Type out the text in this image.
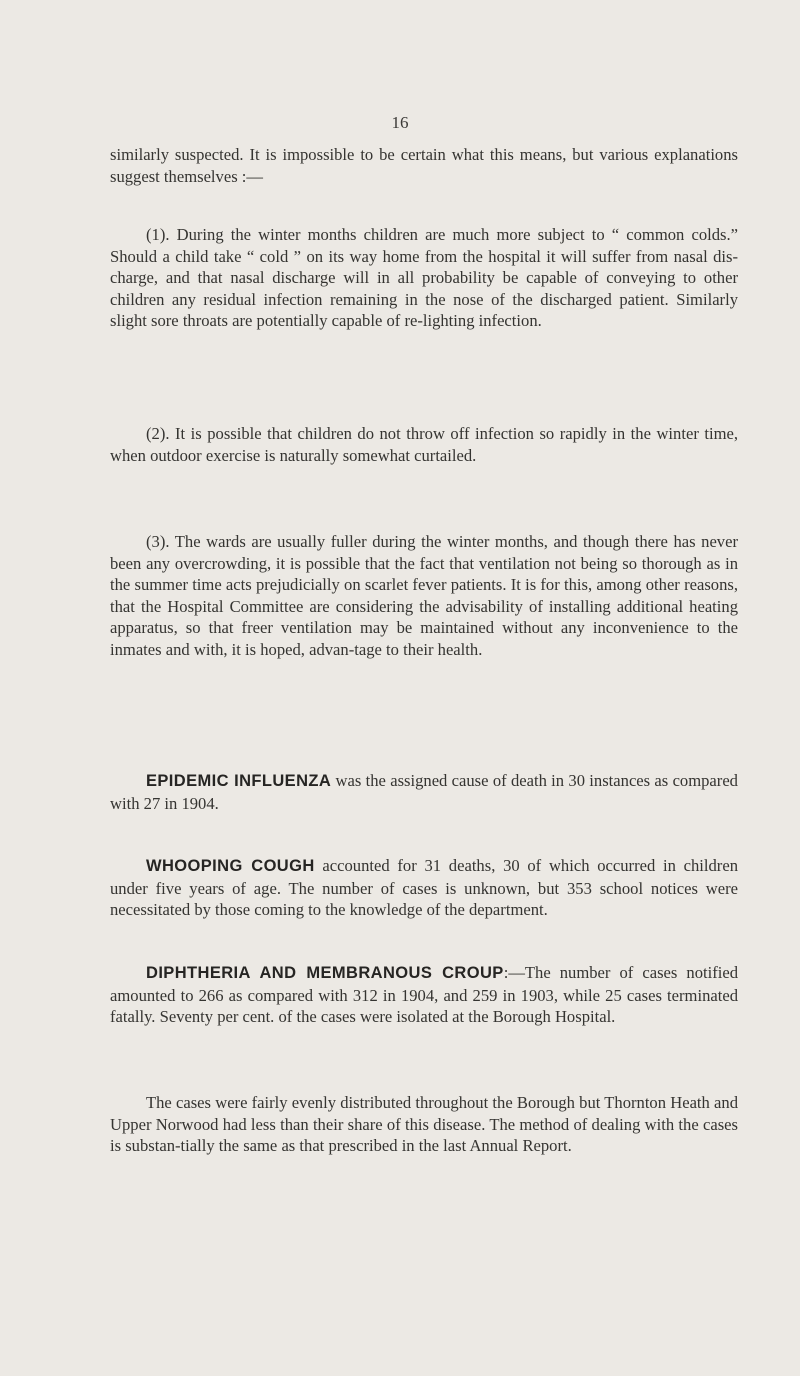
16

similarly suspected. It is impossible to be certain what this means, but various explanations suggest themselves :—

(1). During the winter months children are much more subject to “ common colds.” Should a child take “ cold ” on its way home from the hospital it will suffer from nasal dis-charge, and that nasal discharge will in all probability be capable of conveying to other children any residual infection remaining in the nose of the discharged patient. Similarly slight sore throats are potentially capable of re-lighting infection.

(2). It is possible that children do not throw off infection so rapidly in the winter time, when outdoor exercise is naturally somewhat curtailed.

(3). The wards are usually fuller during the winter months, and though there has never been any overcrowding, it is possible that the fact that ventilation not being so thorough as in the summer time acts prejudicially on scarlet fever patients. It is for this, among other reasons, that the Hospital Committee are considering the advisability of installing additional heating apparatus, so that freer ventilation may be maintained without any inconvenience to the inmates and with, it is hoped, advan-tage to their health.

EPIDEMIC INFLUENZA was the assigned cause of death in 30 instances as compared with 27 in 1904.

WHOOPING COUGH accounted for 31 deaths, 30 of which occurred in children under five years of age. The number of cases is unknown, but 353 school notices were necessitated by those coming to the knowledge of the department.

DIPHTHERIA AND MEMBRANOUS CROUP:—The number of cases notified amounted to 266 as compared with 312 in 1904, and 259 in 1903, while 25 cases terminated fatally. Seventy per cent. of the cases were isolated at the Borough Hospital.

The cases were fairly evenly distributed throughout the Borough but Thornton Heath and Upper Norwood had less than their share of this disease. The method of dealing with the cases is substan-tially the same as that prescribed in the last Annual Report.
